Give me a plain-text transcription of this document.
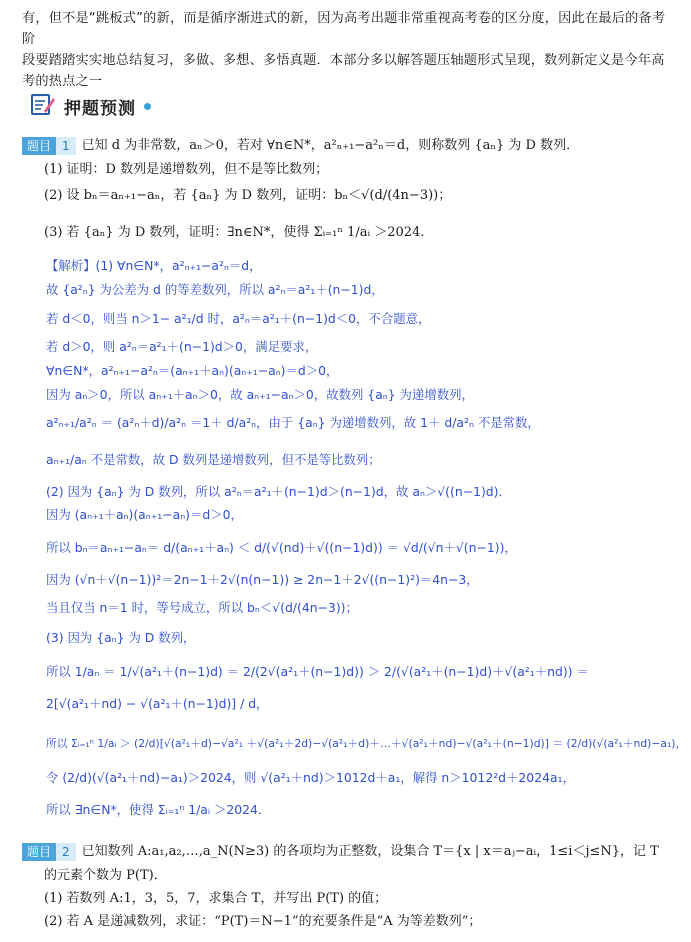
有，但不是“跳板式”的新，而是循序渐进式的新，因为高考出题非常重视高考卷的区分度，因此在最后的备考阶

段要踏踏实实地总结复习，多做、多想、多悟真题．本部分多以解答题压轴题形式呈现，数列新定义是今年高

考的热点之一

押题预测
题目 1 已知 d 为非常数，aₙ＞0，若对 ∀n∈N*，a²ₙ₊₁−a²ₙ＝d，则称数列 {aₙ} 为 D 数列．
(1) 证明：D 数列是递增数列，但不是等比数列；
(2) 设 bₙ＝aₙ₊₁−aₙ，若 {aₙ} 为 D 数列，证明：bₙ＜√(d/(4n−3))；
(3) 若 {aₙ} 为 D 数列，证明：∃n∈N*，使得 Σᵢ₌₁ⁿ 1/aᵢ ＞2024．
【解析】(1) ∀n∈N*，a²ₙ₊₁−a²ₙ＝d，
故 {a²ₙ} 为公差为 d 的等差数列，所以 a²ₙ＝a²₁＋(n−1)d，
若 d＜0，则当 n＞1− a²₁/d 时，a²ₙ＝a²₁＋(n−1)d＜0，不合题意，
若 d＞0，则 a²ₙ＝a²₁＋(n−1)d＞0，满足要求，
∀n∈N*，a²ₙ₊₁−a²ₙ＝(aₙ₊₁＋aₙ)(aₙ₊₁−aₙ)＝d＞0，
因为 aₙ＞0，所以 aₙ₊₁＋aₙ＞0，故 aₙ₊₁−aₙ＞0，故数列 {aₙ} 为递增数列，
a²ₙ₊₁/a²ₙ ＝ (a²ₙ＋d)/a²ₙ ＝1＋ d/a²ₙ，由于 {aₙ} 为递增数列，故 1＋ d/a²ₙ 不是常数，
aₙ₊₁/aₙ 不是常数，故 D 数列是递增数列，但不是等比数列；
(2) 因为 {aₙ} 为 D 数列，所以 a²ₙ＝a²₁＋(n−1)d＞(n−1)d，故 aₙ＞√((n−1)d)．
因为 (aₙ₊₁＋aₙ)(aₙ₊₁−aₙ)＝d＞0，
所以 bₙ＝aₙ₊₁−aₙ＝ d/(aₙ₊₁＋aₙ) ＜ d/(√(nd)＋√((n−1)d)) ＝ √d/(√n＋√(n−1))，
因为 (√n＋√(n−1))²＝2n−1＋2√(n(n−1)) ≥ 2n−1＋2√((n−1)²)＝4n−3，
当且仅当 n＝1 时，等号成立，所以 bₙ＜√(d/(4n−3))；
(3) 因为 {aₙ} 为 D 数列，
所以 1/aₙ ＝ 1/√(a²₁＋(n−1)d) ＝ 2/(2√(a²₁＋(n−1)d)) ＞ 2/(√(a²₁＋(n−1)d)＋√(a²₁＋nd)) ＝
2[√(a²₁＋nd) − √(a²₁＋(n−1)d)] / d，
所以 Σᵢ₌₁ⁿ 1/aᵢ ＞ (2/d)[√(a²₁＋d)−√a²₁ ＋√(a²₁＋2d)−√(a²₁＋d)＋…＋√(a²₁＋nd)−√(a²₁＋(n−1)d)] ＝ (2/d)(√(a²₁＋nd)−a₁)，
令 (2/d)(√(a²₁＋nd)−a₁)＞2024，则 √(a²₁＋nd)＞1012d＋a₁，解得 n＞1012²d＋2024a₁，
所以 ∃n∈N*，使得 Σᵢ₌₁ⁿ 1/aᵢ ＞2024．
题目 2 已知数列 A:a₁,a₂,…,a_N(N≥3) 的各项均为正整数，设集合 T＝{x | x＝aⱼ−aᵢ，1≤i＜j≤N}，记 T
的元素个数为 P(T)．
(1) 若数列 A:1，3，5，7，求集合 T，并写出 P(T) 的值；
(2) 若 A 是递减数列，求证：“P(T)＝N−1”的充要条件是“A 为等差数列”；
